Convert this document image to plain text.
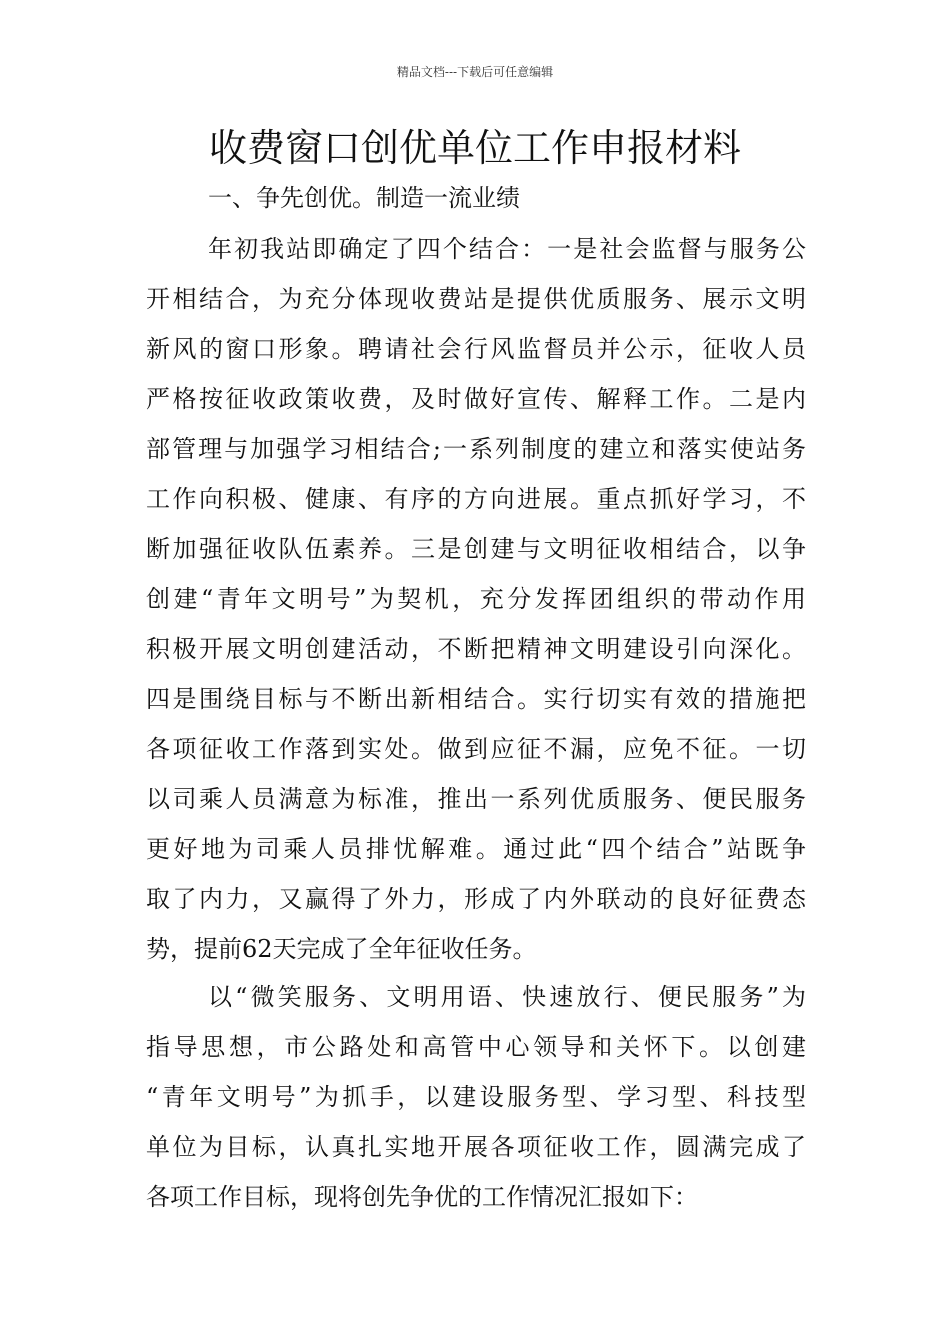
精品文档---下载后可任意编辑
收费窗口创优单位工作申报材料
一、争先创优。制造一流业绩
年初我站即确定了四个结合：一是社会监督与服务公
开相结合，为充分体现收费站是提供优质服务、展示文明
新风的窗口形象。聘请社会行风监督员并公示，征收人员
严格按征收政策收费，及时做好宣传、解释工作。二是内
部管理与加强学习相结合;一系列制度的建立和落实使站务
工作向积极、健康、有序的方向进展。重点抓好学习，不
断加强征收队伍素养。三是创建与文明征收相结合，以争
创建“青年文明号”为契机，充分发挥团组织的带动作用
积极开展文明创建活动，不断把精神文明建设引向深化。
四是围绕目标与不断出新相结合。实行切实有效的措施把
各项征收工作落到实处。做到应征不漏，应免不征。一切
以司乘人员满意为标准，推出一系列优质服务、便民服务
更好地为司乘人员排忧解难。通过此“四个结合”站既争
取了内力，又赢得了外力，形成了内外联动的良好征费态
势，提前62天完成了全年征收任务。
以“微笑服务、文明用语、快速放行、便民服务”为
指导思想，市公路处和高管中心领导和关怀下。以创建
“青年文明号”为抓手，以建设服务型、学习型、科技型
单位为目标，认真扎实地开展各项征收工作，圆满完成了
各项工作目标，现将创先争优的工作情况汇报如下：
